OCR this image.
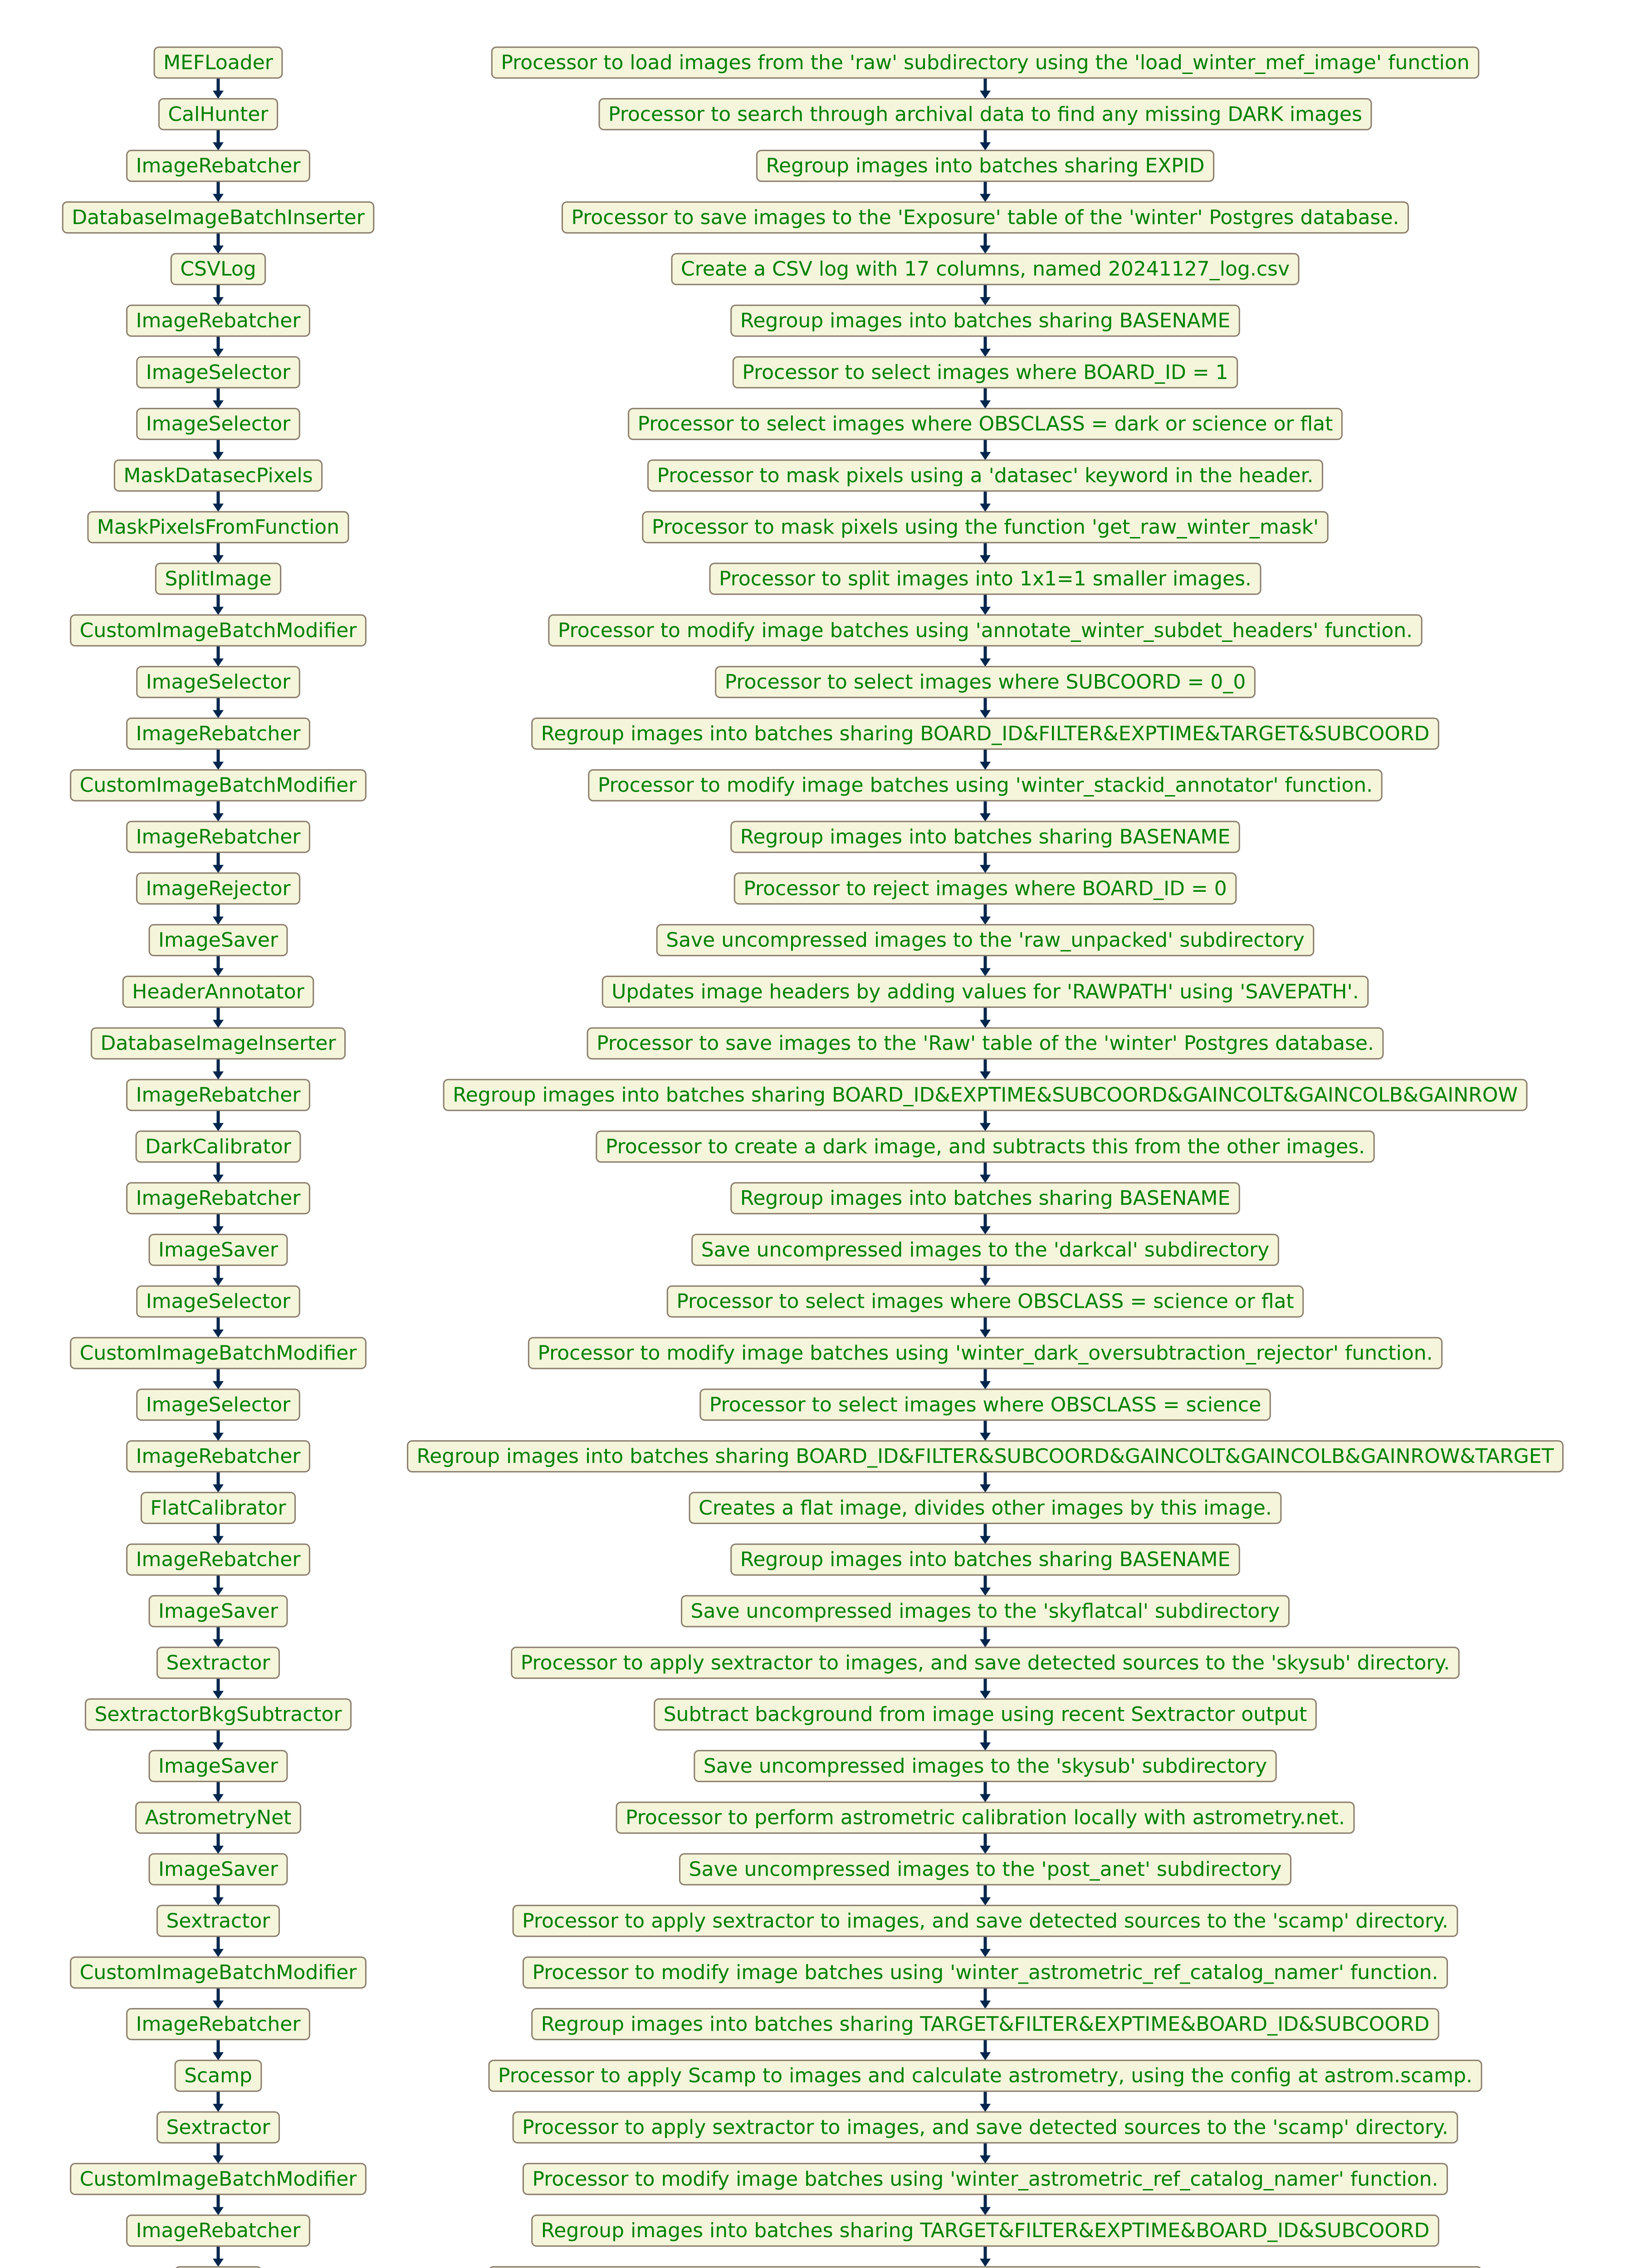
MEFLoader	Processor to load images from the 'raw' subdirectory using the 'load_winter_mef_image' function
CalHunter	Processor to search through archival data to find any missing DARK images
ImageRebatcher	Regroup images into batches sharing EXPID
DatabaseImageBatchInserter	Processor to save images to the 'Exposure' table of the 'winter' Postgres database.
CSVLog	Create a CSV log with 17 columns, named 20241127_log.csv
ImageRebatcher	Regroup images into batches sharing BASENAME
ImageSelector	Processor to select images where BOARD_ID = 1
ImageSelector	Processor to select images where OBSCLASS = dark or science or flat
MaskDatasecPixels	Processor to mask pixels using a 'datasec' keyword in the header.
MaskPixelsFromFunction	Processor to mask pixels using the function 'get_raw_winter_mask'
SplitImage	Processor to split images into 1x1=1 smaller images.
CustomImageBatchModifier	Processor to modify image batches using 'annotate_winter_subdet_headers' function.
ImageSelector	Processor to select images where SUBCOORD = 0_0
ImageRebatcher	Regroup images into batches sharing BOARD_ID&FILTER&EXPTIME&TARGET&SUBCOORD
CustomImageBatchModifier	Processor to modify image batches using 'winter_stackid_annotator' function.
ImageRebatcher	Regroup images into batches sharing BASENAME
ImageRejector	Processor to reject images where BOARD_ID = 0
ImageSaver	Save uncompressed images to the 'raw_unpacked' subdirectory
HeaderAnnotator	Updates image headers by adding values for 'RAWPATH' using 'SAVEPATH'.
DatabaseImageInserter	Processor to save images to the 'Raw' table of the 'winter' Postgres database.
ImageRebatcher	Regroup images into batches sharing BOARD_ID&EXPTIME&SUBCOORD&GAINCOLT&GAINCOLB&GAINROW
DarkCalibrator	Processor to create a dark image, and subtracts this from the other images.
ImageRebatcher	Regroup images into batches sharing BASENAME
ImageSaver	Save uncompressed images to the 'darkcal' subdirectory
ImageSelector	Processor to select images where OBSCLASS = science or flat
CustomImageBatchModifier	Processor to modify image batches using 'winter_dark_oversubtraction_rejector' function.
ImageSelector	Processor to select images where OBSCLASS = science
ImageRebatcher	Regroup images into batches sharing BOARD_ID&FILTER&SUBCOORD&GAINCOLT&GAINCOLB&GAINROW&TARGET
FlatCalibrator	Creates a flat image, divides other images by this image.
ImageRebatcher	Regroup images into batches sharing BASENAME
ImageSaver	Save uncompressed images to the 'skyflatcal' subdirectory
Sextractor	Processor to apply sextractor to images, and save detected sources to the 'skysub' directory.
SextractorBkgSubtractor	Subtract background from image using recent Sextractor output
ImageSaver	Save uncompressed images to the 'skysub' subdirectory
AstrometryNet	Processor to perform astrometric calibration locally with astrometry.net.
ImageSaver	Save uncompressed images to the 'post_anet' subdirectory
Sextractor	Processor to apply sextractor to images, and save detected sources to the 'scamp' directory.
CustomImageBatchModifier	Processor to modify image batches using 'winter_astrometric_ref_catalog_namer' function.
ImageRebatcher	Regroup images into batches sharing TARGET&FILTER&EXPTIME&BOARD_ID&SUBCOORD
Scamp	Processor to apply Scamp to images and calculate astrometry, using the config at astrom.scamp.
Sextractor	Processor to apply sextractor to images, and save detected sources to the 'scamp' directory.
CustomImageBatchModifier	Processor to modify image batches using 'winter_astrometric_ref_catalog_namer' function.
ImageRebatcher	Regroup images into batches sharing TARGET&FILTER&EXPTIME&BOARD_ID&SUBCOORD
